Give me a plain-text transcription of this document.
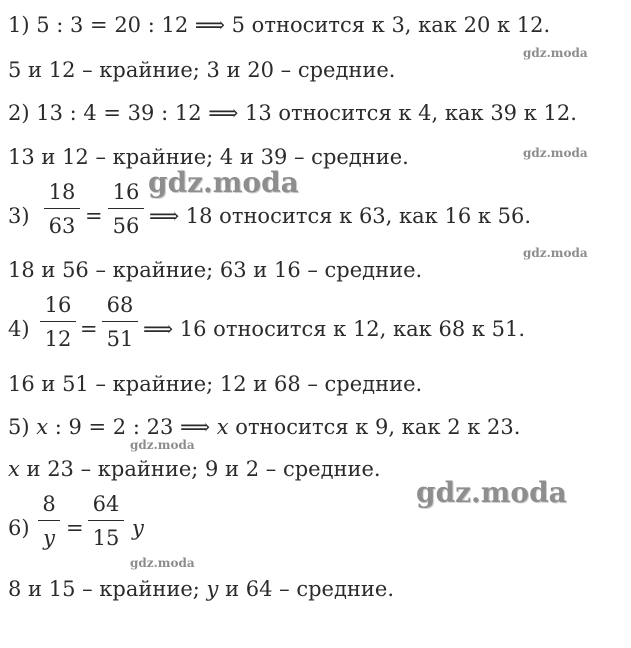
1) 5 : 3 = 20 : 12 ⟹ 5 относится к 3, как 20 к 12.
5 и 12 – крайние; 3 и 20 – средние.
2) 13 : 4 = 39 : 12 ⟹ 13 относится к 4, как 39 к 12.
13 и 12 – крайние; 4 и 39 – средние.
3)
18
63 =
16
56 ⟹ 18 относится к 63, как 16 к 56.
18 и 56 – крайние; 63 и 16 – средние.
4)
16
12 =
68
51 ⟹ 16 относится к 12, как 68 к 51.
16 и 51 – крайние; 12 и 68 – средние.
5) x : 9 = 2 : 23 ⟹ x относится к 9, как 2 к 23.
x и 23 – крайние; 9 и 2 – средние.
6)
8
y =
64
15 y
8 и 15 – крайние; y и 64 – средние.
gdz.moda
gdz.moda
gdz.moda
gdz.moda
gdz.moda
gdz.moda
gdz.moda
